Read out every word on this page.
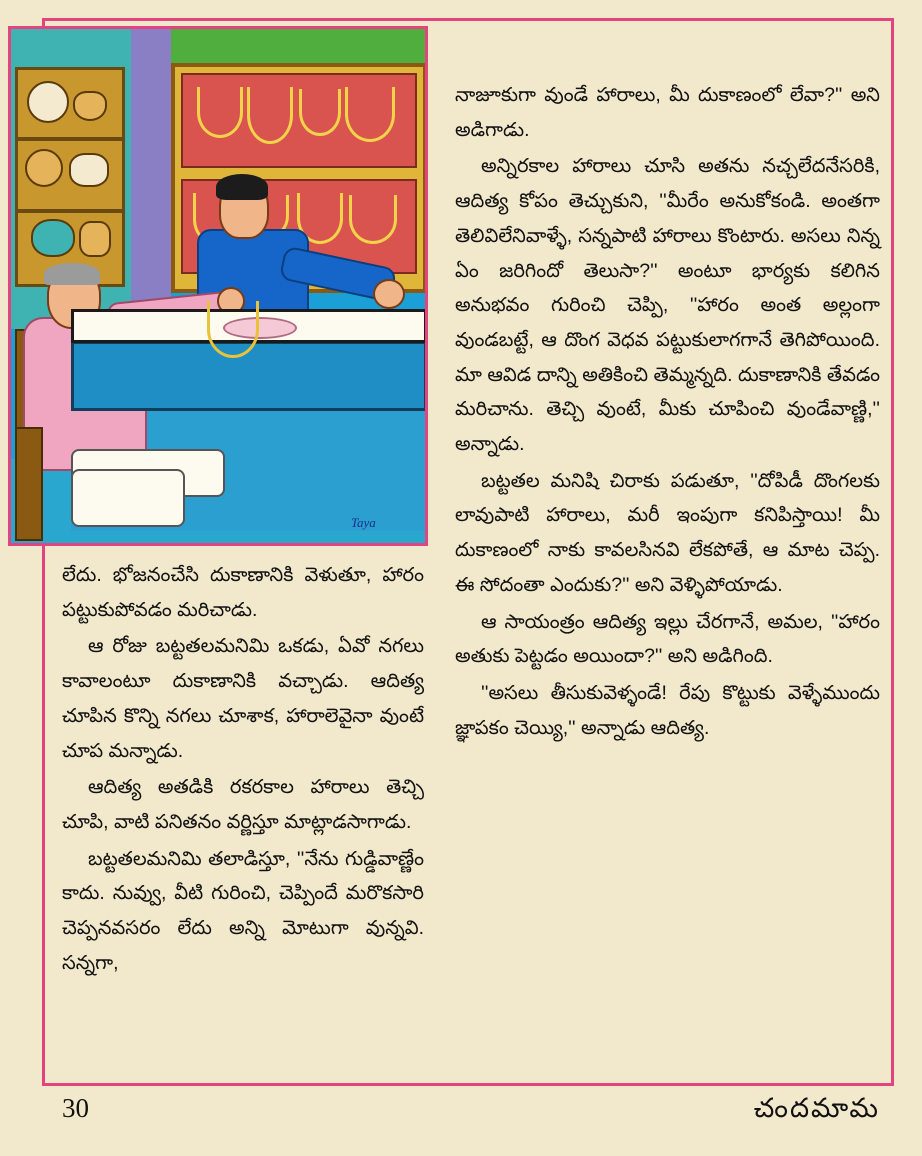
Taya

నాజూకుగా వుండే హారాలు, మీ దుకాణంలో లేవా?'' అని అడిగాడు.

అన్నిరకాల హారాలు చూసి అతను నచ్చలేదనేసరికి, ఆదిత్య కోపం తెచ్చుకుని, ''మీరేం అనుకోకండి. అంతగా తెలివిలేనివాళ్ళే, సన్నపాటి హారాలు కొంటారు. అసలు నిన్న ఏం జరిగిందో తెలుసా?'' అంటూ భార్యకు కలిగిన అనుభవం గురించి చెప్పి, ''హారం అంత అల్లంగా వుండబట్టే, ఆ దొంగ వెధవ పట్టుకులాగగానే తెగిపోయింది. మా ఆవిడ దాన్ని అతికించి తెమ్మన్నది. దుకాణానికి తేవడం మరిచాను. తెచ్చి వుంటే, మీకు చూపించి వుండేవాణ్ణి,'' అన్నాడు.

బట్టతల మనిషి చిరాకు పడుతూ, ''దోపిడీ దొంగలకు లావుపాటి హారాలు, మరీ ఇంపుగా కనిపిస్తాయి! మీ దుకాణంలో నాకు కావలసినవి లేకపోతే, ఆ మాట చెప్ప. ఈ సోదంతా ఎందుకు?'' అని వెళ్ళిపోయాడు.

ఆ సాయంత్రం ఆదిత్య ఇల్లు చేరగానే, అమల, ''హారం అతుకు పెట్టడం అయిందా?'' అని అడిగింది.

''అసలు తీసుకువెళ్ళండే! రేపు కొట్టుకు వెళ్ళేముందు జ్ఞాపకం చెయ్యి,'' అన్నాడు ఆదిత్య.

లేదు. భోజనంచేసి దుకాణానికి వెళుతూ, హారం పట్టుకుపోవడం మరిచాడు.

ఆ రోజు బట్టతలమనిమి ఒకడు, ఏవో నగలు కావాలంటూ దుకాణానికి వచ్చాడు. ఆదిత్య చూపిన కొన్ని నగలు చూశాక, హారాలెవైనా వుంటే చూప మన్నాడు.

ఆదిత్య అతడికి రకరకాల హారాలు తెచ్చి చూపి, వాటి పనితనం వర్ణిస్తూ మాట్లాడసాగాడు.

బట్టతలమనిమి తలాడిస్తూ, ''నేను గుడ్డివాణ్ణేం కాదు. నువ్వు, వీటి గురించి, చెప్పిందే మరొకసారి చెప్పనవసరం లేదు అన్ని మోటుగా వున్నవి. సన్నగా,

30	చందమామ
